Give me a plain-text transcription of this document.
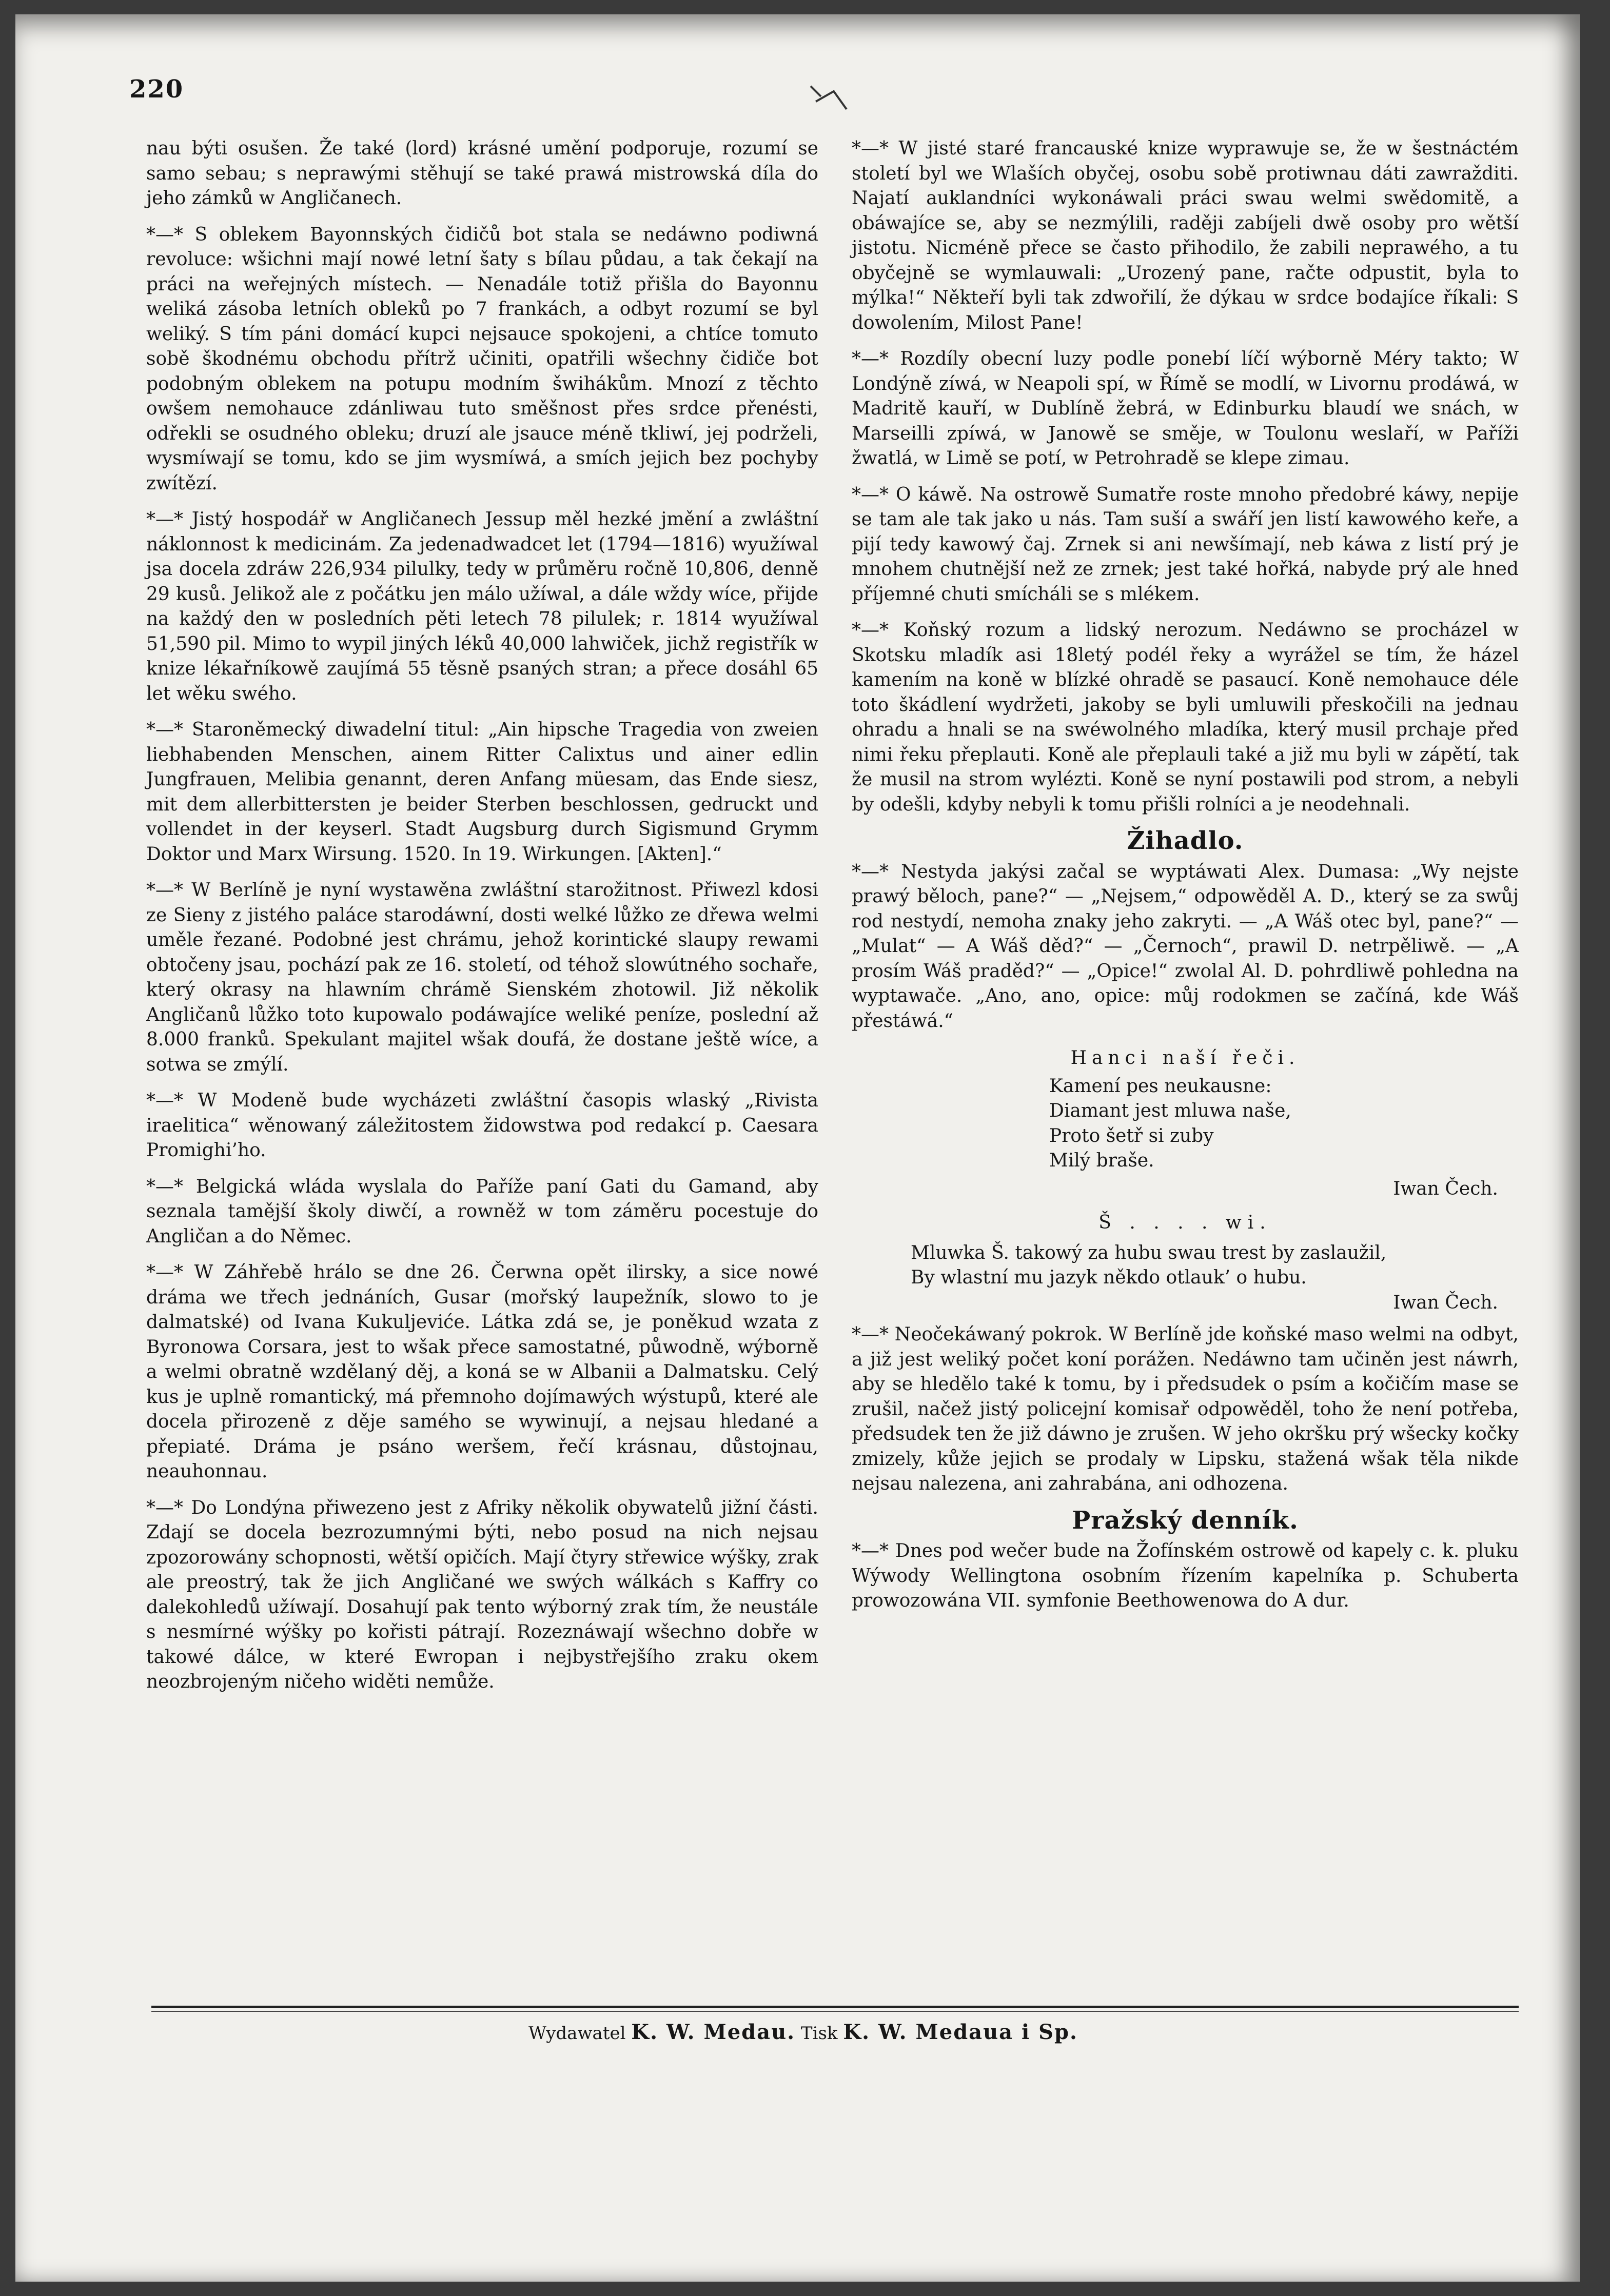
220

nau býti osušen. Že také (lord) krásné umění podporuje, rozumí se samo sebau; s neprawými stěhují se také prawá mistrowská díla do jeho zámků w Angličanech.

*—* S oblekem Bayonnských čidičů bot stala se nedáwno podiwná revoluce: wšichni mají nowé letní šaty s bílau půdau, a tak čekají na práci na weřejných místech. — Nenadále totiž přišla do Bayonnu weliká zásoba letních obleků po 7 frankách, a odbyt rozumí se byl weliký. S tím páni domácí kupci nejsauce spokojeni, a chtíce tomuto sobě škodnému obchodu přítrž učiniti, opatřili wšechny čidiče bot podobným oblekem na potupu modním šwihákům. Mnozí z těchto owšem nemohauce zdánliwau tuto směšnost přes srdce přenésti, odřekli se osudného obleku; druzí ale jsauce méně tkliwí, jej podrželi, wysmíwají se tomu, kdo se jim wysmíwá, a smích jejich bez pochyby zwítězí.

*—* Jistý hospodář w Angličanech Jessup měl hezké jmění a zwláštní náklonnost k medicinám. Za jedenadwadcet let (1794—1816) wyužíwal jsa docela zdráw 226,934 pilulky, tedy w průměru ročně 10,806, denně 29 kusů. Jelikož ale z počátku jen málo užíwal, a dále wždy wíce, přijde na každý den w posledních pěti letech 78 pilulek; r. 1814 wyužíwal 51,590 pil. Mimo to wypil jiných léků 40,000 lahwiček, jichž registřík w knize lékařníkowě zaujímá 55 těsně psaných stran; a přece dosáhl 65 let wěku swého.

*—* Staroněmecký diwadelní titul: „Ain hipsche Tragedia von zweien liebhabenden Menschen, ainem Ritter Calixtus und ainer edlin Jungfrauen, Melibia genannt, deren Anfang müesam, das Ende siesz, mit dem allerbittersten je beider Sterben beschlossen, gedruckt und vollendet in der keyserl. Stadt Augsburg durch Sigismund Grymm Doktor und Marx Wirsung. 1520. In 19. Wirkungen. [Akten].“

*—* W Berlíně je nyní wystawěna zwláštní starožitnost. Přiwezl kdosi ze Sieny z jistého paláce starodáwní, dosti welké lůžko ze dřewa welmi uměle řezané. Podobné jest chrámu, jehož korintické slaupy rewami obtočeny jsau, pochází pak ze 16. století, od téhož slowútného sochaře, který okrasy na hlawním chrámě Sienském zhotowil. Již několik Angličanů lůžko toto kupowalo podáwajíce weliké peníze, poslední až 8.000 franků. Spekulant majitel wšak doufá, že dostane ještě wíce, a sotwa se zmýlí.

*—* W Modeně bude wycházeti zwláštní časopis wlaský „Rivista iraelitica“ wěnowaný záležitostem židowstwa pod redakcí p. Caesara Promighi’ho.

*—* Belgická wláda wyslala do Paříže paní Gati du Gamand, aby seznala tamější školy diwčí, a rowněž w tom záměru pocestuje do Angličan a do Němec.

*—* W Záhřebě hrálo se dne 26. Čerwna opět ilirsky, a sice nowé dráma we třech jednáních, Gusar (mořský laupežník, slowo to je dalmatské) od Ivana Kukuljeviće. Látka zdá se, je poněkud wzata z Byronowa Corsara, jest to wšak přece samostatné, půwodně, wýborně a welmi obratně wzdělaný děj, a koná se w Albanii a Dalmatsku. Celý kus je uplně romantický, má přemnoho dojímawých wýstupů, které ale docela přirozeně z děje samého se wywinují, a nejsau hledané a přepiaté. Dráma je psáno weršem, řečí krásnau, důstojnau, neauhonnau.

*—* Do Londýna přiwezeno jest z Afriky několik obywatelů jižní části. Zdají se docela bezrozumnými býti, nebo posud na nich nejsau zpozorowány schopnosti, wětší opičích. Mají čtyry střewice wýšky, zrak ale preostrý, tak že jich Angličané we swých wálkách s Kaffry co dalekohledů užíwají. Dosahují pak tento wýborný zrak tím, že neustále s nesmírné wýšky po kořisti pátrají. Rozeznáwají wšechno dobře w takowé dálce, w které Ewropan i nejbystřejšího zraku okem neozbrojeným ničeho widěti nemůže.

*—* W jisté staré francauské knize wyprawuje se, že w šestnáctém století byl we Wlaších obyčej, osobu sobě protiwnau dáti zawražditi. Najatí auklandníci wykonáwali práci swau welmi swědomitě, a obáwajíce se, aby se nezmýlili, raději zabíjeli dwě osoby pro wětší jistotu. Nicméně přece se často přihodilo, že zabili neprawého, a tu obyčejně se wymlauwali: „Urozený pane, račte odpustit, byla to mýlka!“ Někteří byli tak zdwořilí, že dýkau w srdce bodajíce říkali: S dowolením, Milost Pane!

*—* Rozdíly obecní luzy podle ponebí líčí wýborně Méry takto; W Londýně zíwá, w Neapoli spí, w Římě se modlí, w Livornu prodáwá, w Madritě kauří, w Dublíně žebrá, w Edinburku blaudí we snách, w Marseilli zpíwá, w Janowě se směje, w Toulonu weslaří, w Paříži žwatlá, w Limě se potí, w Petrohradě se klepe zimau.

*—* O káwě. Na ostrowě Sumatře roste mnoho předobré káwy, nepije se tam ale tak jako u nás. Tam suší a swáří jen listí kawowého keře, a pijí tedy kawowý čaj. Zrnek si ani newšímají, neb káwa z listí prý je mnohem chutnější než ze zrnek; jest také hořká, nabyde prý ale hned příjemné chuti smícháli se s mlékem.

*—* Koňský rozum a lidský nerozum. Nedáwno se procházel w Skotsku mladík asi 18letý podél řeky a wyrážel se tím, že házel kamením na koně w blízké ohradě se pasaucí. Koně nemohauce déle toto škádlení wydržeti, jakoby se byli umluwili přeskočili na jednau ohradu a hnali se na swéwolného mladíka, který musil prchaje před nimi řeku přeplauti. Koně ale přeplauli také a již mu byli w zápětí, tak že musil na strom wylézti. Koně se nyní postawili pod strom, a nebyli by odešli, kdyby nebyli k tomu přišli rolníci a je neodehnali.

Žihadlo.

*—* Nestyda jakýsi začal se wyptáwati Alex. Dumasa: „Wy nejste prawý běloch, pane?“ — „Nejsem,“ odpowěděl A. D., který se za swůj rod nestydí, nemoha znaky jeho zakryti. — „A Wáš otec byl, pane?“ — „Mulat“ — A Wáš děd?“ — „Černoch“, prawil D. netrpěliwě. — „A prosím Wáš praděd?“ — „Opice!“ zwolal Al. D. pohrdliwě pohledna na wyptawače. „Ano, ano, opice: můj rodokmen se začíná, kde Wáš přestáwá.“

Hanci naší řeči.
Kamení pes neukausne:
Diamant jest mluwa naše,
Proto šetř si zuby
Milý braše.
Iwan Čech.
Š . . . . wi.
Mluwka Š. takowý za hubu swau trest by zaslaužil,
By wlastní mu jazyk někdo otlauk’ o hubu.
Iwan Čech.

*—* Neočekáwaný pokrok. W Berlíně jde koňské maso welmi na odbyt, a již jest weliký počet koní porážen. Nedáwno tam učiněn jest náwrh, aby se hledělo také k tomu, by i předsudek o psím a kočičím mase se zrušil, načež jistý policejní komisař odpowěděl, toho že není potřeba, předsudek ten že již dáwno je zrušen. W jeho okršku prý wšecky kočky zmizely, kůže jejich se prodaly w Lipsku, stažená wšak těla nikde nejsau nalezena, ani zahrabána, ani odhozena.

Pražský denník.

*—* Dnes pod wečer bude na Žofínském ostrowě od kapely c. k. pluku Wýwody Wellingtona osobním řízením kapelníka p. Schuberta prowozowána VII. symfonie Beethowenowa do A dur.

Wydawatel K. W. Medau. Tisk K. W. Medaua i Sp.
